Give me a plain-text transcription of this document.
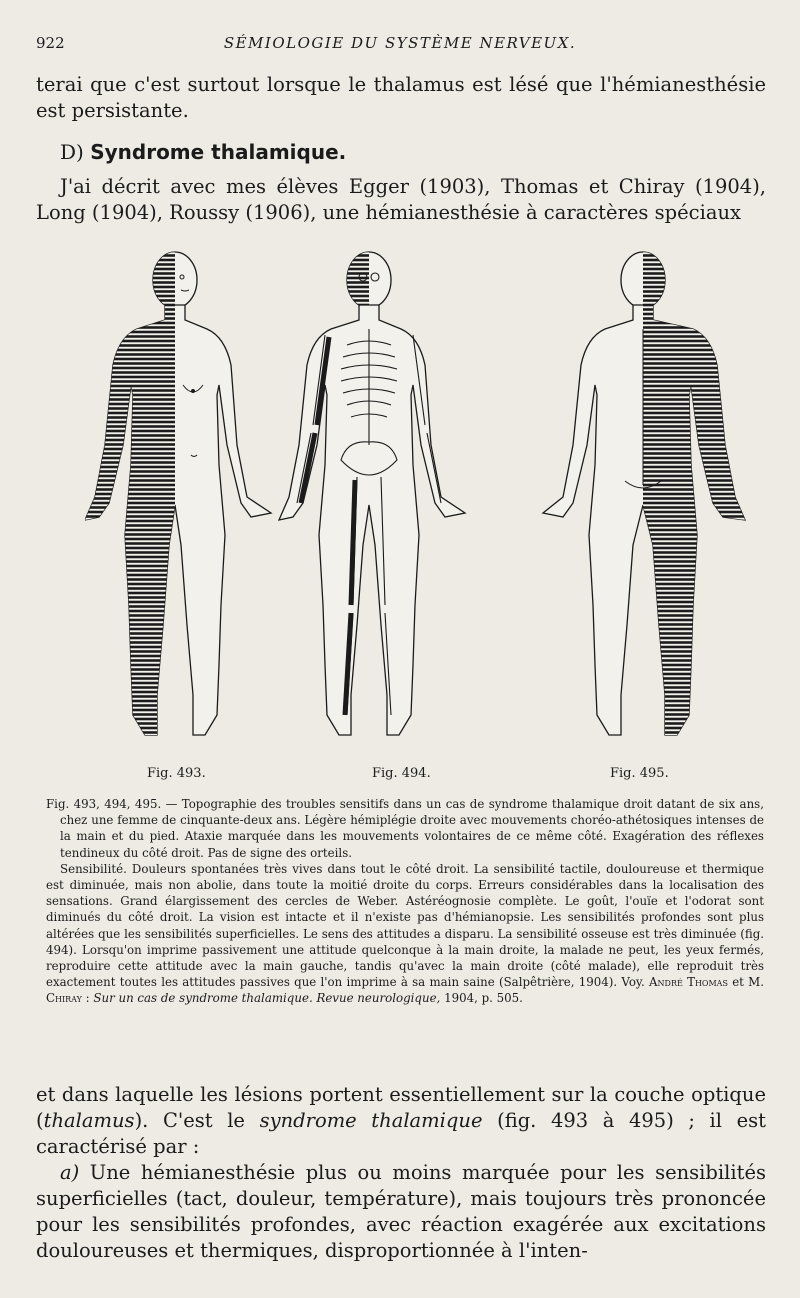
922	SÉMIOLOGIE DU SYSTÈME NERVEUX.
terai que c'est surtout lorsque le thalamus est lésé que l'hémianesthésie est persistante.
D) Syndrome thalamique.
J'ai décrit avec mes élèves Egger (1903), Thomas et Chiray (1904), Long (1904), Roussy (1906), une hémianesthésie à caractères spéciaux
Fig. 493.	Fig. 494.	Fig. 495.

Fig. 493, 494, 495. — Topographie des troubles sensitifs dans un cas de syndrome thalamique droit datant de six ans, chez une femme de cinquante-deux ans. Légère hémiplégie droite avec mouvements choréo-athétosiques intenses de la main et du pied. Ataxie marquée dans les mouvements volontaires de ce même côté. Exagération des réflexes tendineux du côté droit. Pas de signe des orteils.

Sensibilité. Douleurs spontanées très vives dans tout le côté droit. La sensibilité tactile, douloureuse et thermique est diminuée, mais non abolie, dans toute la moitié droite du corps. Erreurs considérables dans la localisation des sensations. Grand élargissement des cercles de Weber. Astéréognosie complète. Le goût, l'ouïe et l'odorat sont diminués du côté droit. La vision est intacte et il n'existe pas d'hémianopsie. Les sensibilités profondes sont plus altérées que les sensibilités superficielles. Le sens des attitudes a disparu. La sensibilité osseuse est très diminuée (fig. 494). Lorsqu'on imprime passivement une attitude quelconque à la main droite, la malade ne peut, les yeux fermés, reproduire cette attitude avec la main gauche, tandis qu'avec la main droite (côté malade), elle reproduit très exactement toutes les attitudes passives que l'on imprime à sa main saine (Salpêtrière, 1904). Voy. André Thomas et M. Chiray : Sur un cas de syndrome thalamique. Revue neurologique, 1904, p. 505.

et dans laquelle les lésions portent essentiellement sur la couche optique (thalamus). C'est le syndrome thalamique (fig. 493 à 495) ; il est caractérisé par :
a) Une hémianesthésie plus ou moins marquée pour les sensibilités superficielles (tact, douleur, température), mais toujours très prononcée pour les sensibilités profondes, avec réaction exagérée aux excitations douloureuses et thermiques, disproportionnée à l'inten-
